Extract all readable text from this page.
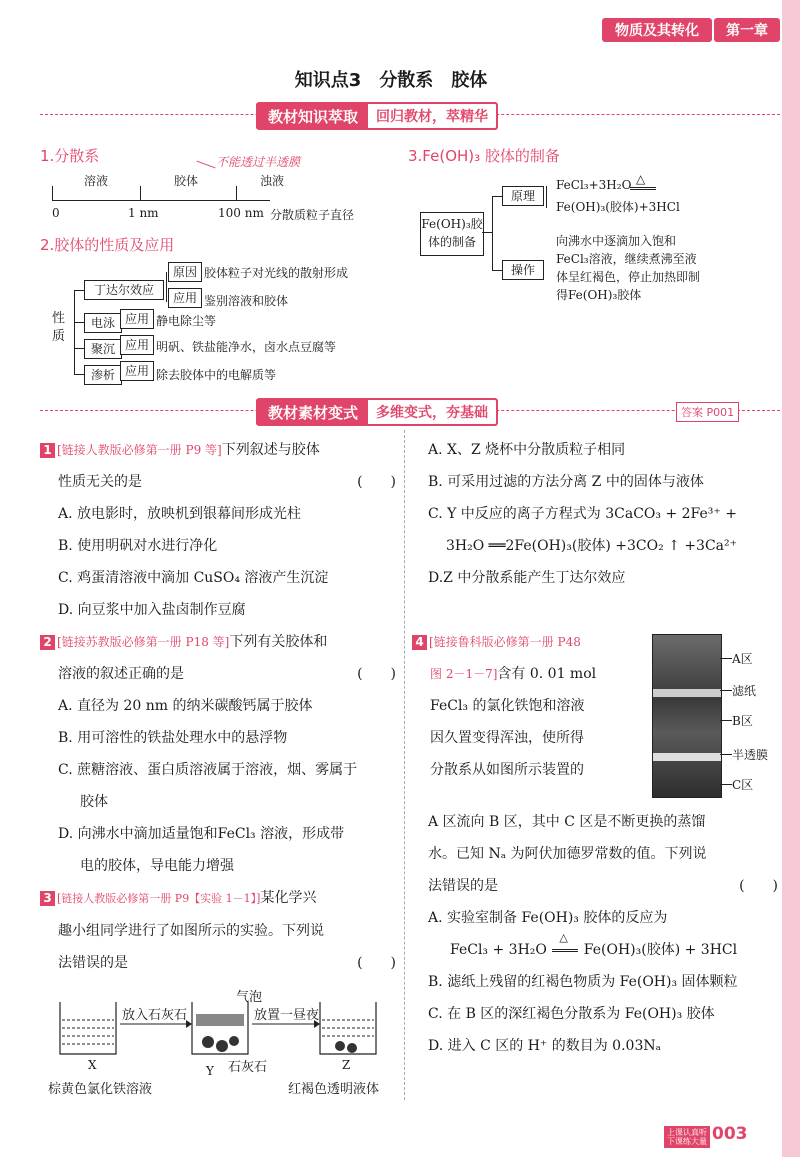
物质及其转化	第一章
知识点3　分散系　胶体
教材知识萃取	回归教材，萃精华
1.分散系	不能透过半透膜
溶液	胶体	浊液
0	1 nm	100 nm 分散质粒子直径
2.胶体的性质及应用
性 质
丁达尔效应
原因 胶体粒子对光线的散射形成
应用 鉴别溶液和胶体
电泳 应用 静电除尘等
聚沉 应用 明矾、铁盐能净水，卤水点豆腐等
渗析 应用 除去胶体中的电解质等
3.Fe(OH)₃ 胶体的制备
Fe(OH)₃胶体的制备
原理
FeCl₃+3H₂O △
Fe(OH)₃(胶体)+3HCl
操作
向沸水中逐滴加入饱和FeCl₃溶液，继续煮沸至液体呈红褐色，停止加热即制得Fe(OH)₃胶体
教材素材变式	多维变式，夯基础	答案 P001
1 [链接人教版必修第一册 P9 等]下列叙述与胶体
性质无关的是	(　　)
A. 放电影时，放映机到银幕间形成光柱
B. 使用明矾对水进行净化
C. 鸡蛋清溶液中滴加 CuSO₄ 溶液产生沉淀
D. 向豆浆中加入盐卤制作豆腐
2 [链接苏教版必修第一册 P18 等]下列有关胶体和
溶液的叙述正确的是	(　　)
A. 直径为 20 nm 的纳米碳酸钙属于胶体
B. 用可溶性的铁盐处理水中的悬浮物
C. 蔗糖溶液、蛋白质溶液属于溶液，烟、雾属于
胶体
D. 向沸水中滴加适量饱和FeCl₃ 溶液，形成带
电的胶体，导电能力增强
3 [链接人教版必修第一册 P9【实验 1－1】]某化学兴
趣小组同学进行了如图所示的实验。下列说
法错误的是	(　　)
放入石灰石
气泡
放置一昼夜
石灰石
X	Y	Z
棕黄色氯化铁溶液	红褐色透明液体
A. X、Z 烧杯中分散质粒子相同
B. 可采用过滤的方法分离 Z 中的固体与液体
C. Y 中反应的离子方程式为 3CaCO₃ + 2Fe³⁺ +
3H₂O ══2Fe(OH)₃(胶体) +3CO₂ ↑ +3Ca²⁺
D.Z 中分散系能产生丁达尔效应
4 [链接鲁科版必修第一册 P48
图 2－1－7]含有 0. 01 mol
FeCl₃ 的氯化铁饱和溶液
因久置变得浑浊，使所得
分散系从如图所示装置的
A区
滤纸
B区
半透膜
C区
A 区流向 B 区，其中 C 区是不断更换的蒸馏
水。已知 Nₐ 为阿伏加德罗常数的值。下列说
法错误的是	(　　)
A. 实验室制备 Fe(OH)₃ 胶体的反应为
FeCl₃ + 3H₂O
△
Fe(OH)₃(胶体) + 3HCl
B. 滤纸上残留的红褐色物质为 Fe(OH)₃ 固体颗粒
C. 在 B 区的深红褐色分散系为 Fe(OH)₃ 胶体
D. 进入 C 区的 H⁺ 的数目为 0.03Nₐ
上课认真听
下课练大量 003
